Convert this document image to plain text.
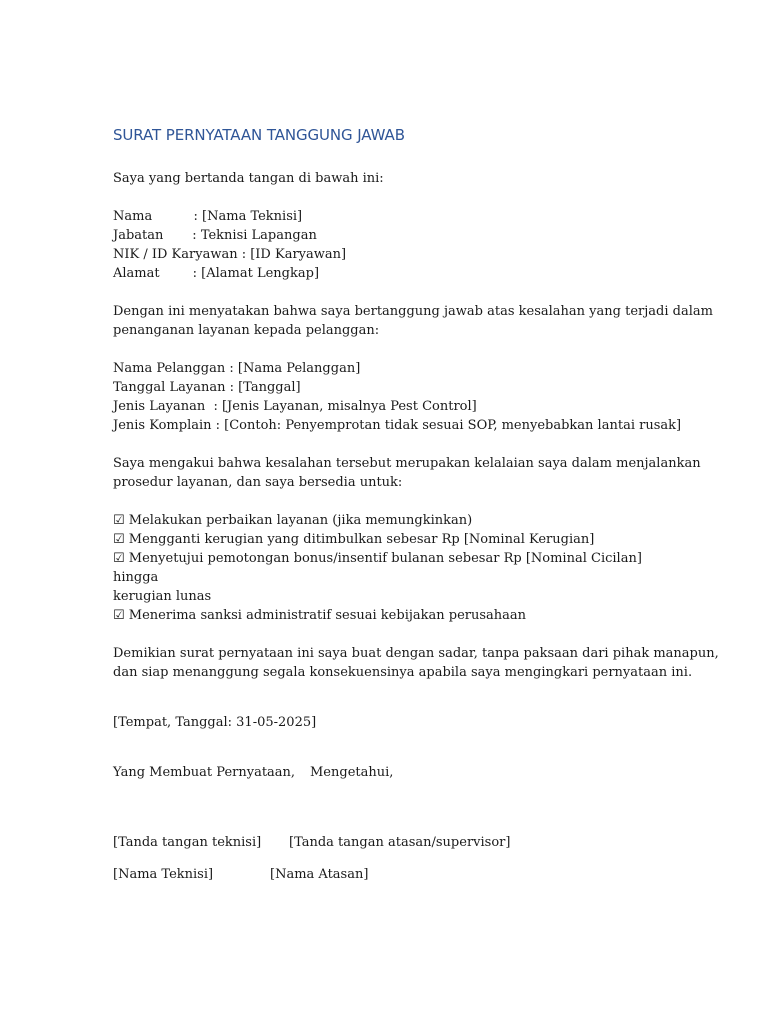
SURAT PERNYATAAN TANGGUNG JAWAB

Saya yang bertanda tangan di bawah ini:

Nama          : [Nama Teknisi]
Jabatan       : Teknisi Lapangan
NIK / ID Karyawan : [ID Karyawan]
Alamat        : [Alamat Lengkap]
Dengan ini menyatakan bahwa saya bertanggung jawab atas kesalahan yang terjadi dalam
penanganan layanan kepada pelanggan:
Nama Pelanggan : [Nama Pelanggan]
Tanggal Layanan : [Tanggal]
Jenis Layanan  : [Jenis Layanan, misalnya Pest Control]
Jenis Komplain : [Contoh: Penyemprotan tidak sesuai SOP, menyebabkan lantai rusak]
Saya mengakui bahwa kesalahan tersebut merupakan kelalaian saya dalam menjalankan
prosedur layanan, dan saya bersedia untuk:
☑ Melakukan perbaikan layanan (jika memungkinkan)
☑ Mengganti kerugian yang ditimbulkan sebesar Rp [Nominal Kerugian]
☑ Menyetujui pemotongan bonus/insentif bulanan sebesar Rp [Nominal Cicilan] hingga
kerugian lunas
☑ Menerima sanksi administratif sesuai kebijakan perusahaan
Demikian surat pernyataan ini saya buat dengan sadar, tanpa paksaan dari pihak manapun,
dan siap menanggung segala konsekuensinya apabila saya mengingkari pernyataan ini.

[Tempat, Tanggal: 31-05-2025]

Yang Membuat Pernyataan,

Mengetahui,

[Tanda tangan teknisi]

[Tanda tangan atasan/supervisor]

[Nama Teknisi]

	[Nama Atasan]
